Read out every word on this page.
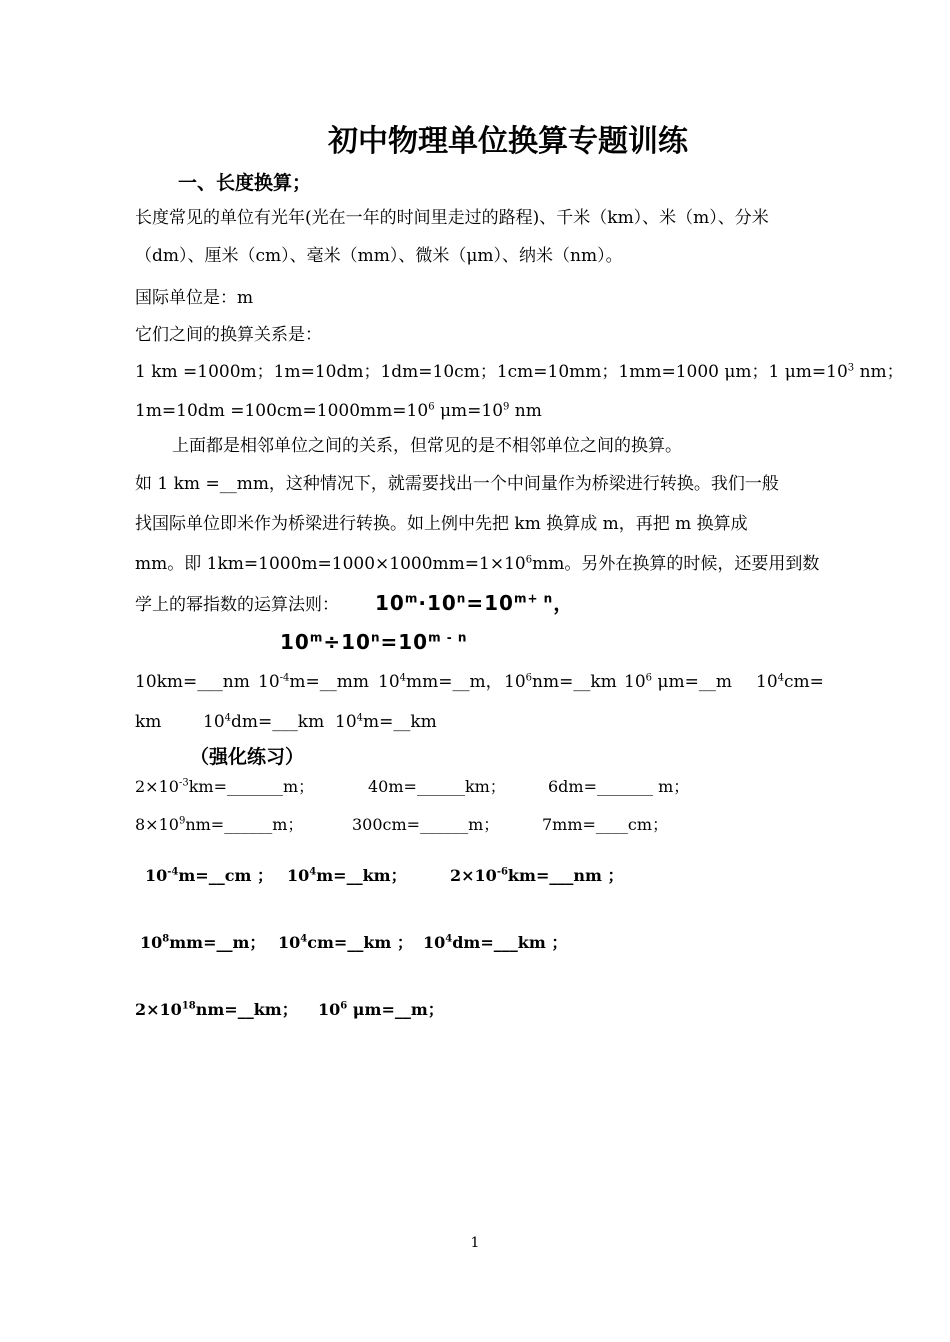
初中物理单位换算专题训练
一、长度换算；
长度常见的单位有光年(光在一年的时间里走过的路程)、千米（km）、米（m）、分米
（dm）、厘米（cm）、毫米（mm）、微米（μm）、纳米（nm）。
国际单位是：m
它们之间的换算关系是：
1 km =1000m；1m=10dm；1dm=10cm；1cm=10mm；1mm=1000 μm；1 $\mu m=10^3$ nm；
$1m=10dm =100cm=1000mm=10^6$ $\mu m=10^9$ nm
上面都是相邻单位之间的关系，但常见的是不相邻单位之间的换算。
如 1 km =__mm，这种情况下，就需要找出一个中间量作为桥梁进行转换。我们一般
找国际单位即米作为桥梁进行转换。如上例中先把 km 换算成 m，再把 m 换算成
mm。即 $1km=1000m=1000\times 1000mm=1\times 10^6mm$。另外在换算的时候，还要用到数
学上的幂指数的运算法则： $10^m\cdot 10^n=10^{m+ n}$，
$10^m\div 10^n=10^{m - n}$
10km=___nm $10^{-4}m=\_\_mm$ $10^4mm=\_\_m$， $10^6nm=\_\_km$ $10^6$ μm=__m $10^4cm=$
km $10^4dm=\_\_\_km$ $10^4m=\_\_km$
（强化练习）
$2\times 10^{-3}km=\_\_\_\_\_\_\_m$；	40m=______km；	6dm=_______ m；
$8\times 10^9nm=\_\_\_\_\_\_m$；	300cm=______m；	7mm=____cm；
$10^{-4}m=\_\_cm$ ； $10^4m=\_\_km$；	$2\times 10^{-6}km=\_\_\_nm$ ；
$10^8mm=\_\_m$； $10^4cm=\_\_km$ ； $10^4dm=\_\_\_km$ ；
$2\times 10^{18}nm=\_\_km$； $10^6$ μm=__m；
1
